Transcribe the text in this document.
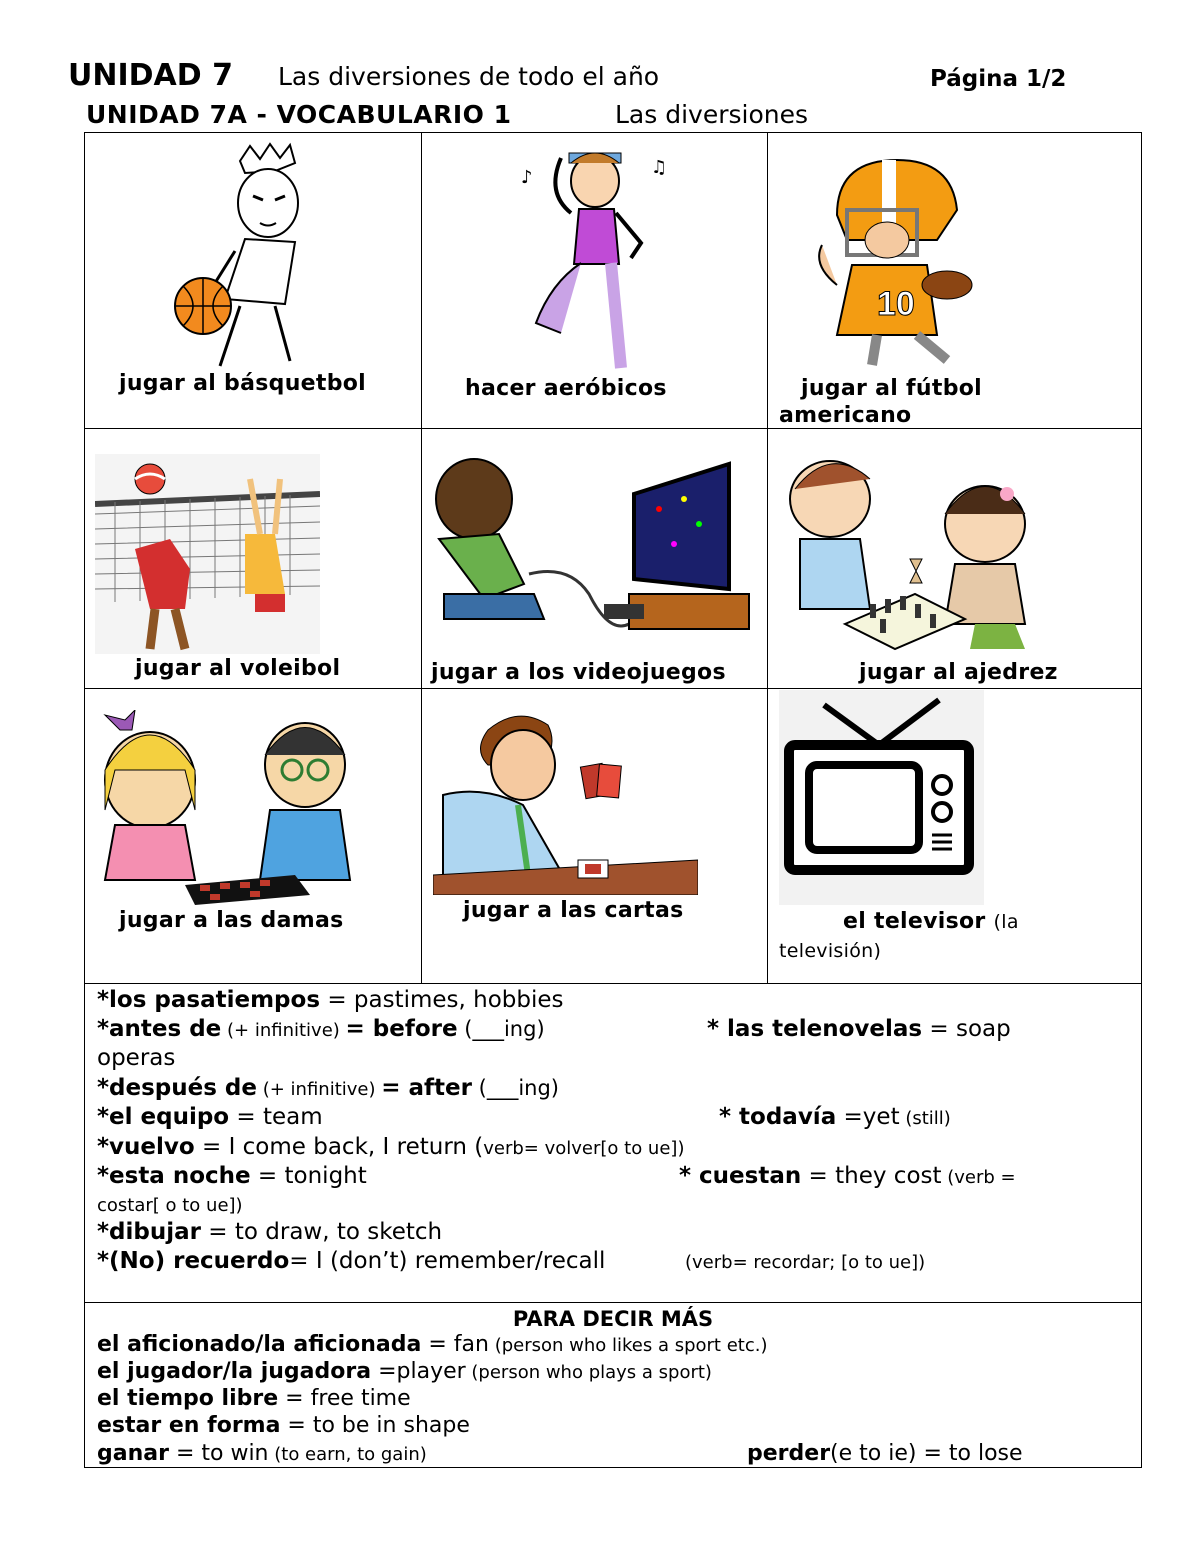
UNIDAD 7 Las diversiones de todo el año	Página 1/2
UNIDAD 7A - VOCABULARIO 1	Las diversiones
jugar al básquetbol
♪	♫
hacer aeróbicos
10
jugar al fútbol
americano
jugar al voleibol	jugar a los videojuegos	jugar al ajedrez
jugar a las damas	jugar a las cartas	el televisor (la
televisión)
*los pasatiempos = pastimes, hobbies
*antes de (+ infinitive) = before (___ing)	* las telenovelas = soap
operas
*después de (+ infinitive) = after (___ing)
*el equipo = team	* todavía =yet (still)
*vuelvo = I come back, I return (verb= volver[o to ue])
*esta noche = tonight	* cuestan = they cost (verb =
costar[ o to ue])
*dibujar = to draw, to sketch
*(No) recuerdo= I (don’t) remember/recall	(verb= recordar; [o to ue])
PARA DECIR MÁS
el aficionado/la aficionada = fan (person who likes a sport etc.)
el jugador/la jugadora =player (person who plays a sport)
el tiempo libre = free time
estar en forma = to be in shape
ganar = to win (to earn, to gain)	perder(e to ie) = to lose
